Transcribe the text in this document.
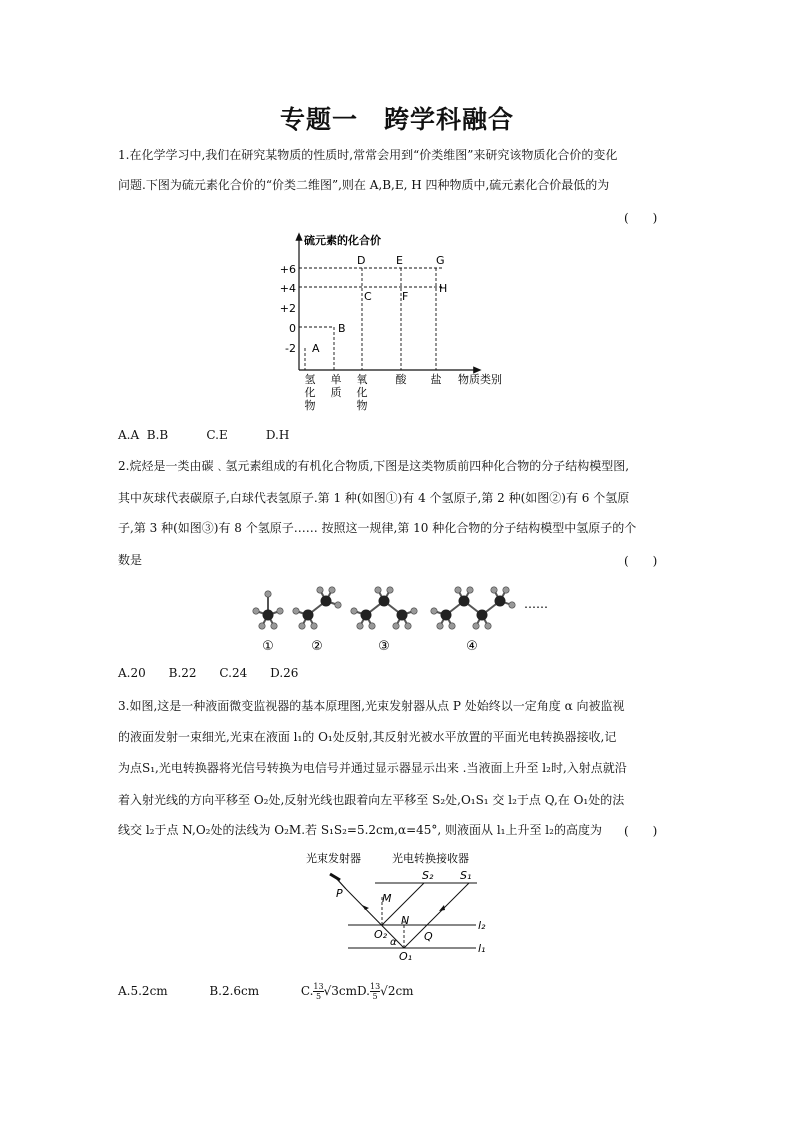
专题一　跨学科融合
1.在化学学习中,我们在研究某物质的性质时,常常会用到“价类维图”来研究该物质化合价的变化
问题.下图为硫元素化合价的“价类二维图”,则在 A,B,E, H 四种物质中,硫元素化合价最低的为
(　　)
硫元素的化合价
物质类别
+6
+4
+2
0
-2 A
B
C
D	E
F
G
H
氢化物
单质
氧化物
酸 盐
A.A  B.B          C.E          D.H
2.烷烃是一类由碳﹑氢元素组成的有机化合物质,下图是这类物质前四种化合物的分子结构模型图,
其中灰球代表碳原子,白球代表氢原子.第 1 种(如图①)有 4 个氢原子,第 2 种(如图②)有 6 个氢原
子,第 3 种(如图③)有 8 个氢原子…… 按照这一规律,第 10 种化合物的分子结构模型中氢原子的个
数是	(　　)
①	②	③	④
……
A.20      B.22      C.24      D.26
3.如图,这是一种液面微变监视器的基本原理图,光束发射器从点 P 处始终以一定角度 α 向被监视
的液面发射一束细光,光束在液面 l₁的 O₁处反射,其反射光被水平放置的平面光电转换器接收,记
为点S₁,光电转换器将光信号转换为电信号并通过显示器显示出来 .当液面上升至 l₂时,入射点就沿
着入射光线的方向平移至 O₂处,反射光线也跟着向左平移至 S₂处,O₁S₁ 交 l₂于点 Q,在 O₁处的法
线交 l₂于点 N,O₂处的法线为 O₂M.若 S₁S₂=5.2cm,α=45°, 则液面从 l₁上升至 l₂的高度为 (　　)
光束发射器	光电转换接收器
P	M
N
Q
S₂ S₁
O₂
O₁
l₂
l₁
α
A.5.2cm	B.2.6cm	C. $\frac{13}{5} √3cmD$. $\frac{13}{5} √2cm$
